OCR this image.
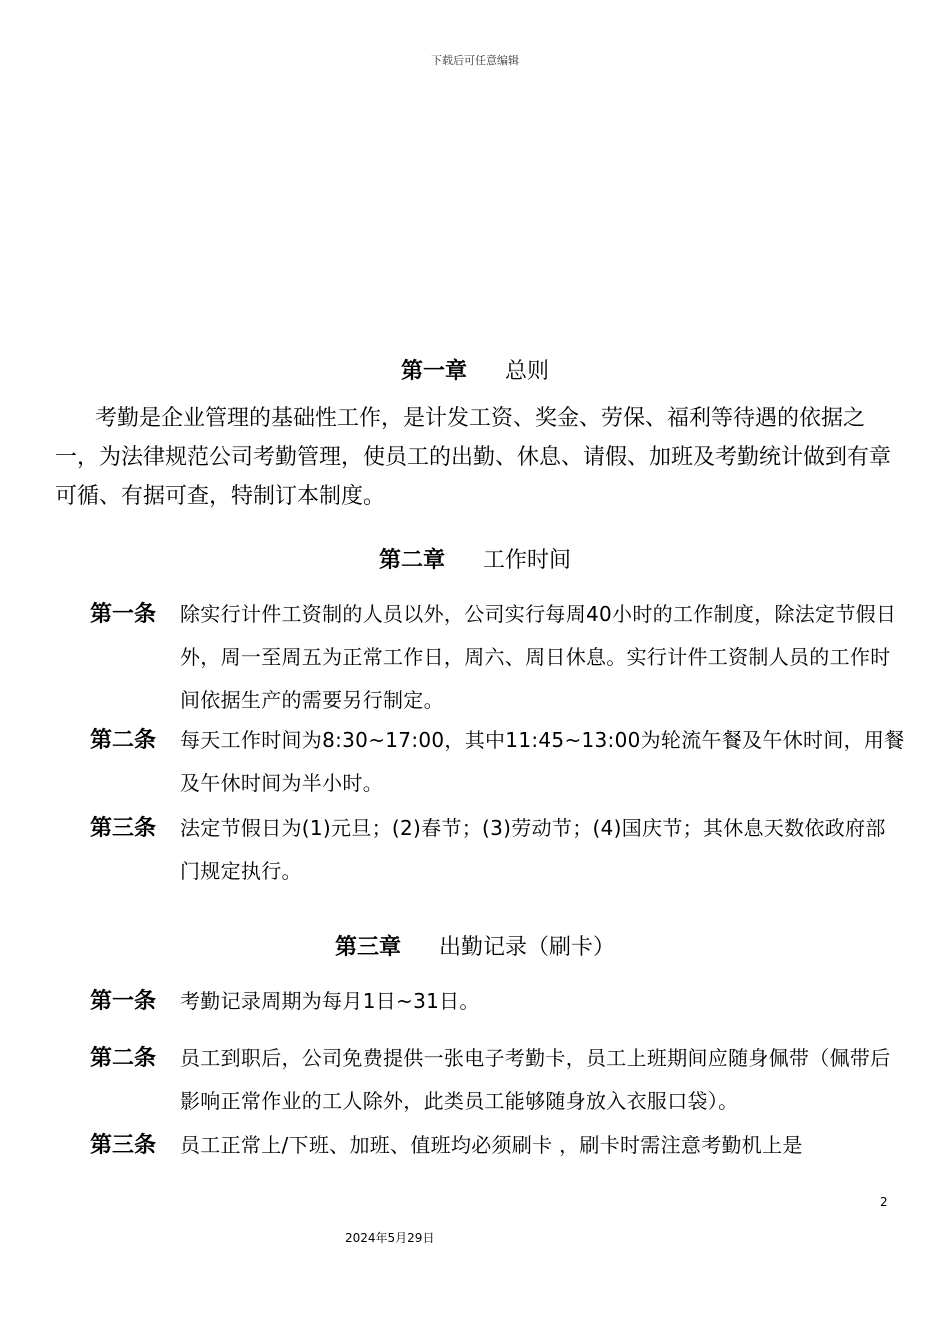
下载后可任意编辑
第一章 总则

考勤是企业管理的基础性工作，是计发工资、奖金、劳保、福利等待遇的依据之一，为法律规范公司考勤管理，使员工的出勤、休息、请假、加班及考勤统计做到有章可循、有据可查，特制订本制度。

第二章 工作时间
第一条	除实行计件工资制的人员以外，公司实行每周40小时的工作制度，除法定节假日外，周一至周五为正常工作日，周六、周日休息。实行计件工资制人员的工作时间依据生产的需要另行制定。
第二条	每天工作时间为8:30~17:00，其中11:45~13:00为轮流午餐及午休时间，用餐及午休时间为半小时。
第三条	法定节假日为(1)元旦；(2)春节；(3)劳动节；(4)国庆节；其休息天数依政府部门规定执行。
第三章 出勤记录（刷卡）
第一条	考勤记录周期为每月1日~31日。
第二条	员工到职后，公司免费提供一张电子考勤卡，员工上班期间应随身佩带（佩带后影响正常作业的工人除外，此类员工能够随身放入衣服口袋）。
第三条	员工正常上/下班、加班、值班均必须刷卡 ，刷卡时需注意考勤机上是
2
2024年5月29日
